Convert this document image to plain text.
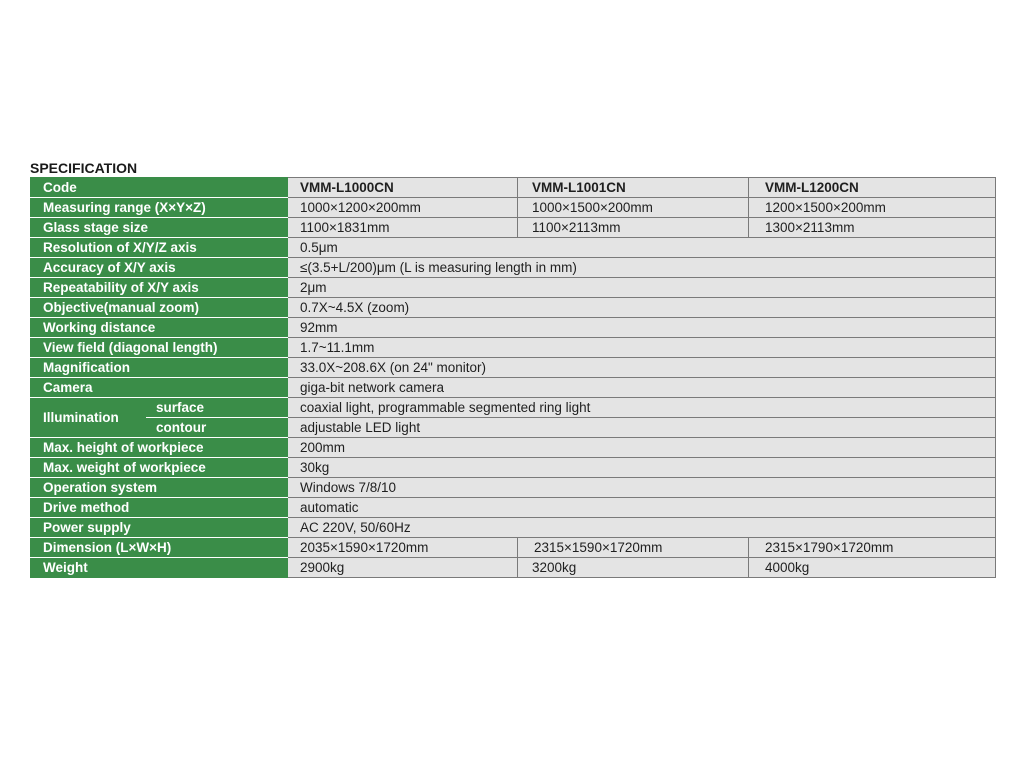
SPECIFICATION
Code		VMM-L1000CN	VMM-L1001CN	VMM-L1200CN
Measuring range (X×Y×Z)		1000×1200×200mm	1000×1500×200mm	1200×1500×200mm
Glass stage size		1100×1831mm	1100×2113mm	1300×2113mm
Resolution of X/Y/Z axis		0.5μm		
Accuracy of X/Y axis		≤(3.5+L/200)μm (L is measuring length in mm)		
Repeatability of X/Y axis		2μm		
Objective(manual zoom)		0.7X~4.5X (zoom)		
Working distance		92mm		
View field (diagonal length)		1.7~11.1mm		
Magnification		33.0X~208.6X (on 24" monitor)		
Camera		giga-bit network camera		
Illumination	surface	coaxial light, programmable segmented ring light		
	contour	adjustable LED light		
Max. height of workpiece		200mm		
Max. weight of workpiece		30kg		
Operation system		Windows 7/8/10		
Drive method		automatic		
Power supply		AC 220V, 50/60Hz		
Dimension (L×W×H)		2035×1590×1720mm	2315×1590×1720mm	2315×1790×1720mm
Weight		2900kg	3200kg	4000kg
